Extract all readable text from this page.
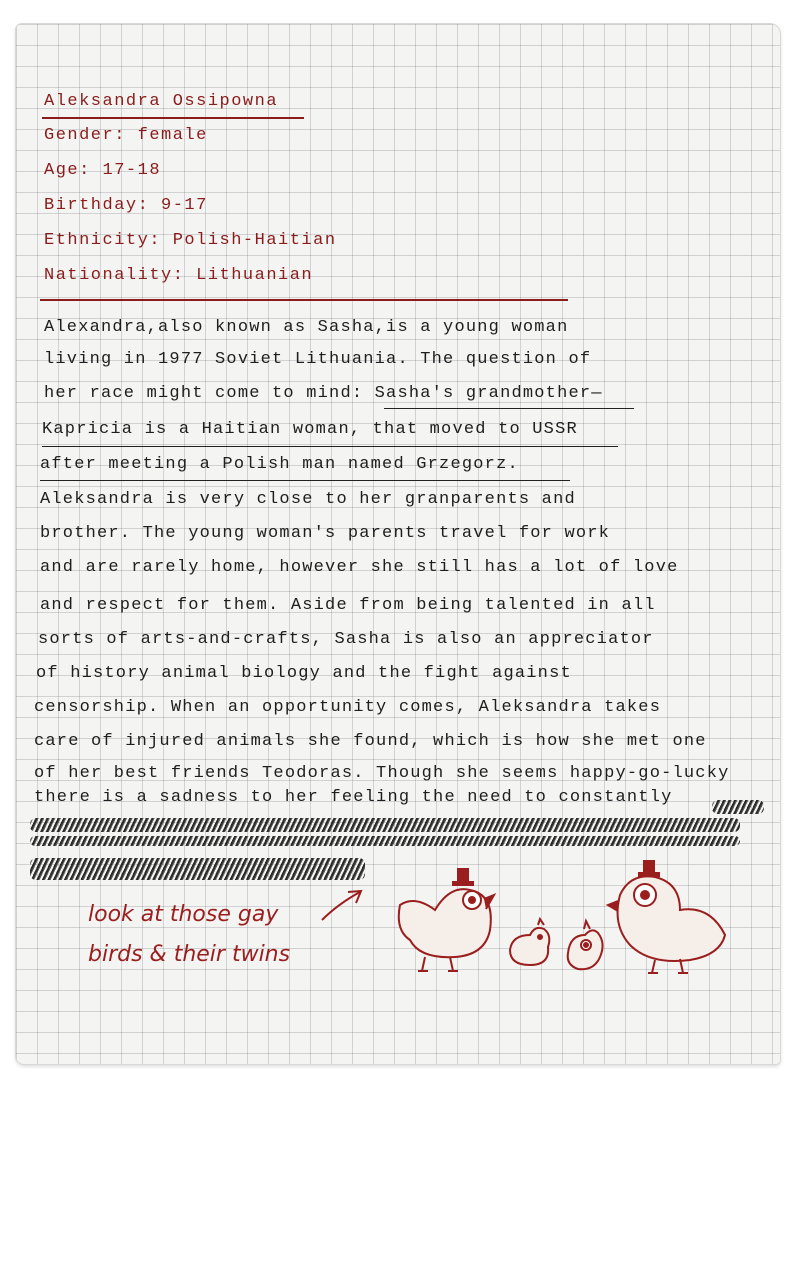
Aleksandra Ossipowna
Gender: female
Age: 17-18
Birthday: 9-17
Ethnicity: Polish-Haitian
Nationality: Lithuanian
Alexandra,also known as Sasha,is a young woman
living in 1977 Soviet Lithuania. The question of
her race might come to mind: Sasha's grandmother—
Kapricia is a Haitian woman, that moved to USSR
after meeting a Polish man named Grzegorz.
Aleksandra is very close to her granparents and
brother. The young woman's parents travel for work
and are rarely home, however she still has a lot of love
and respect for them. Aside from being talented in all
sorts of arts-and-crafts, Sasha is also an appreciator
of history animal biology and the fight against
censorship. When an opportunity comes, Aleksandra takes
care of injured animals she found, which is how she met one
of her best friends Teodoras. Though she seems happy-go-lucky
there is a sadness to her feeling the need to constantly
look at those gay
birds & their twins
